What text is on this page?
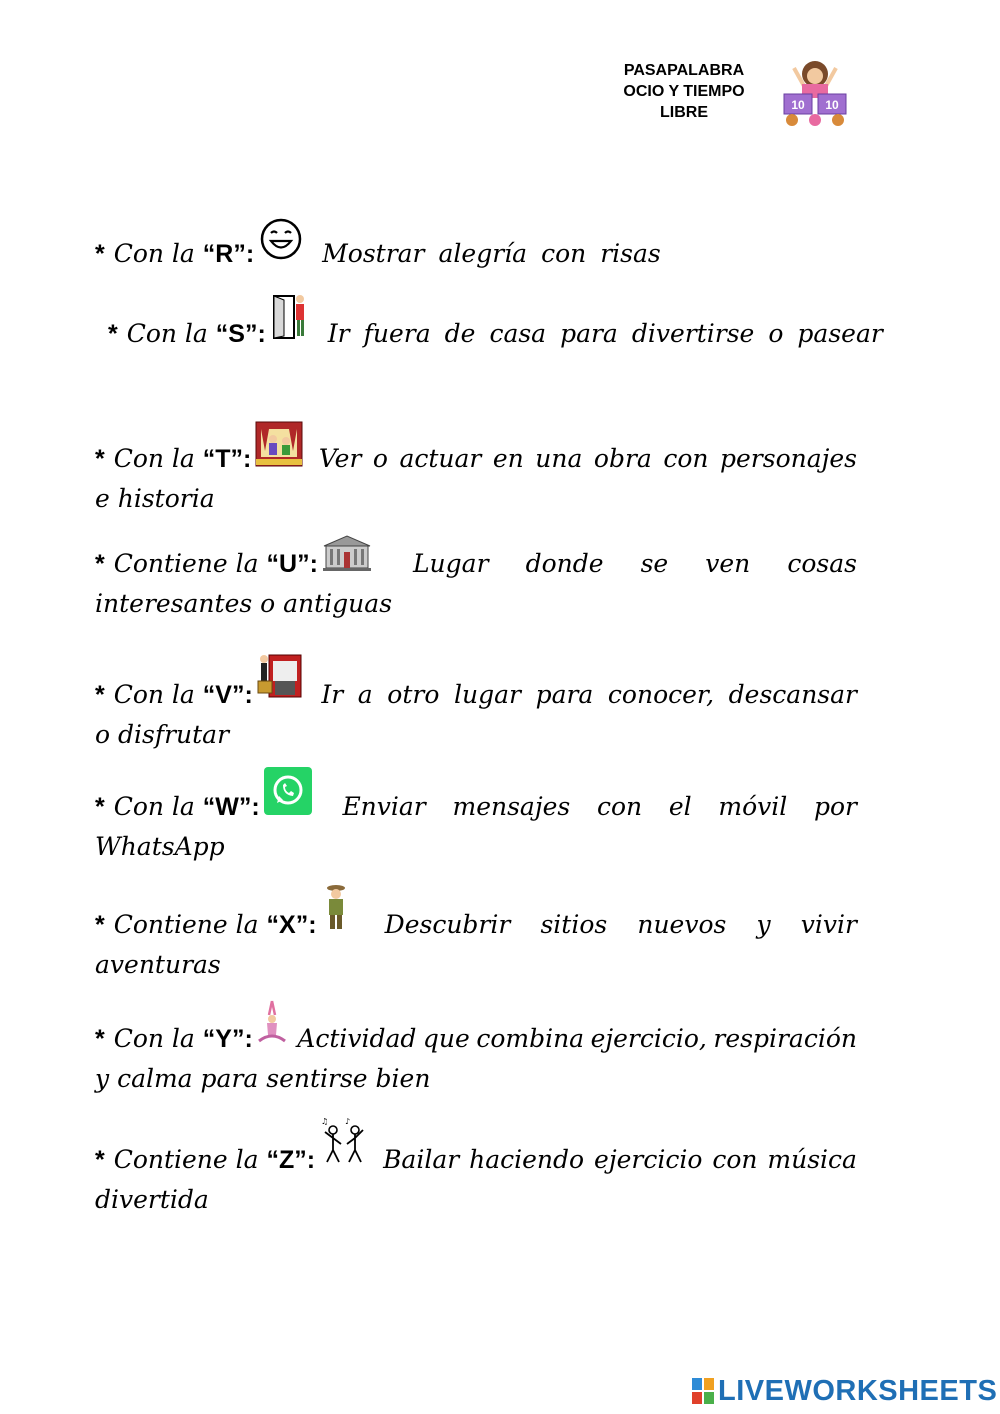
PASAPALABRA
OCIO Y TIEMPO
LIBRE	10 10
* Con la “R”:	Mostrar alegría con risas
* Con la “S”:	Ir fuera de casa para divertirse o pasear
* Con la “T”:	Ver o actuar en una obra con personajes
e historia
* Contiene la “U”:	Lugar donde se ven cosas
interesantes o antiguas
* Con la “V”:	Ir a otro lugar para conocer, descansar
o disfrutar
* Con la “W”:	Enviar mensajes con el móvil por
WhatsApp
* Contiene la “X”:	Descubrir sitios nuevos y vivir
aventuras
* Con la “Y”:	Actividad que combina ejercicio, respiración
y calma para sentirse bien
* Contiene la “Z”:
♫ ♪
Bailar haciendo ejercicio con música
divertida
LIVEWORKSHEETS
